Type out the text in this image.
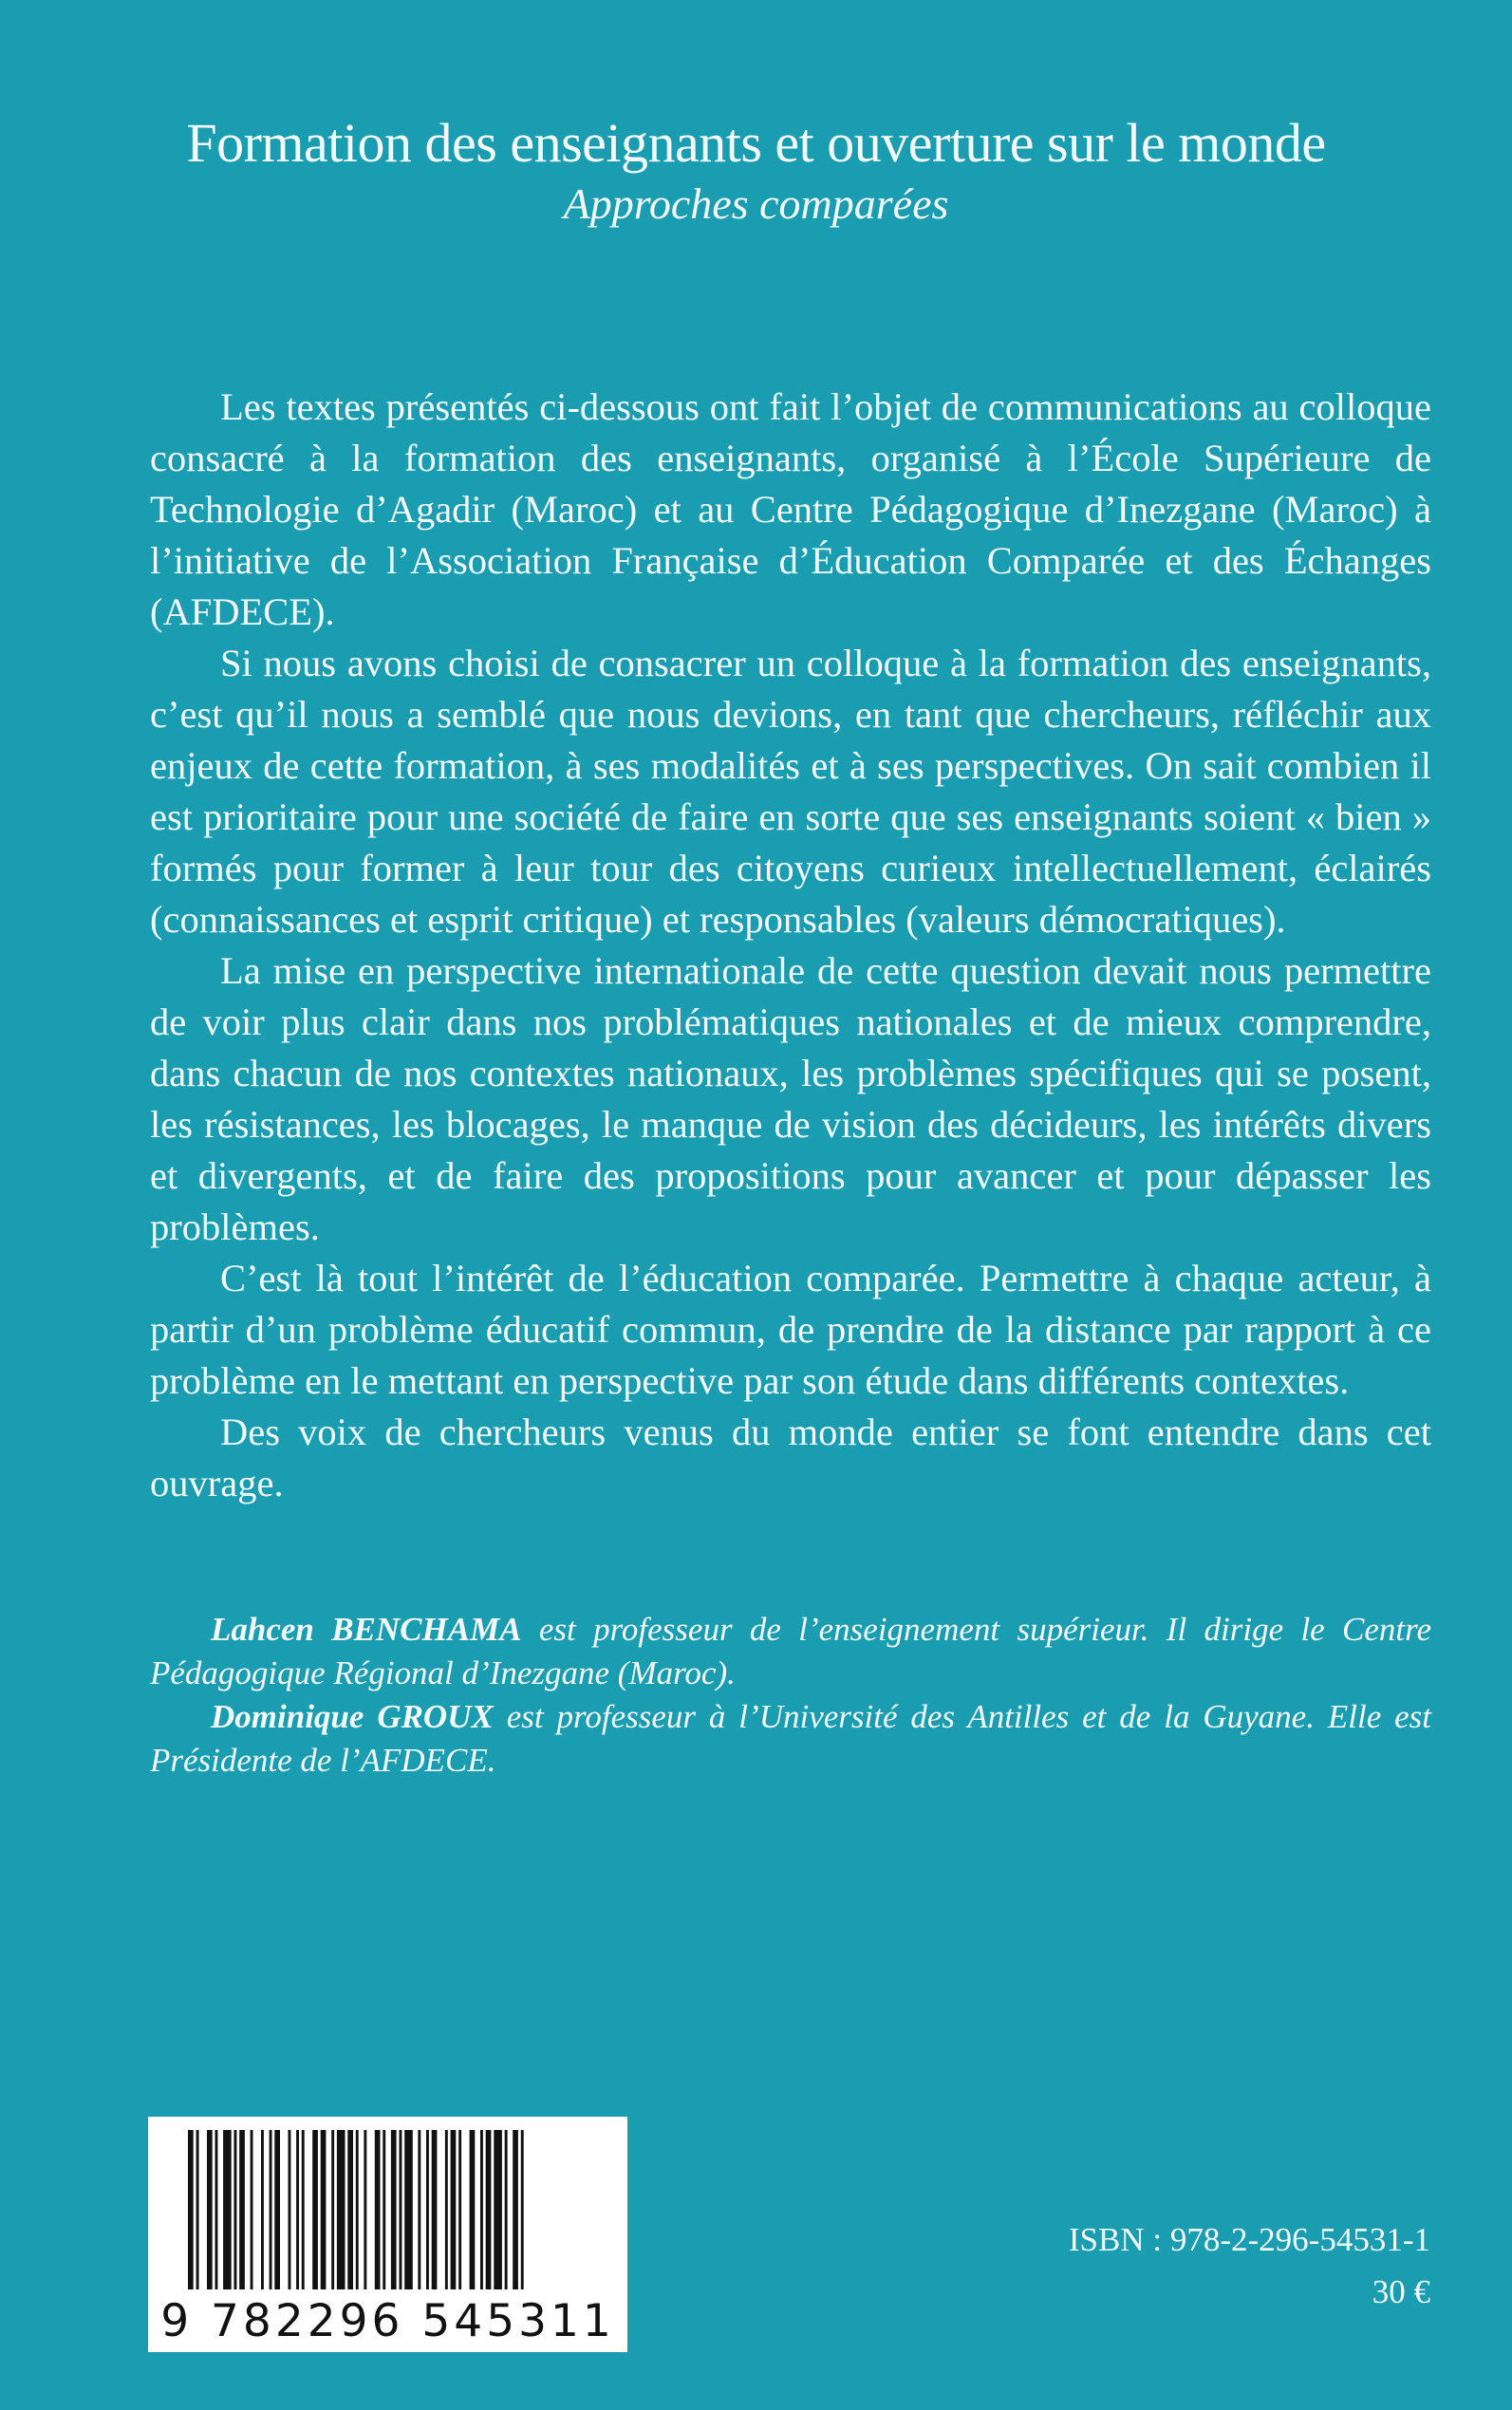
Formation des enseignants et ouverture sur le monde
Approches comparées

Les textes présentés ci-dessous ont fait l’objet de communications au colloque consacré à la formation des enseignants, organisé à l’École Supérieure de Technologie d’Agadir (Maroc) et au Centre Pédagogique d’Inezgane (Maroc) à l’initiative de l’Association Française d’Éducation Comparée et des Échanges (AFDECE).

Si nous avons choisi de consacrer un colloque à la formation des enseignants, c’est qu’il nous a semblé que nous devions, en tant que chercheurs, réfléchir aux enjeux de cette formation, à ses modalités et à ses perspectives. On sait combien il est prioritaire pour une société de faire en sorte que ses enseignants soient « bien » formés pour former à leur tour des citoyens curieux intellectuellement, éclairés (connaissances et esprit critique) et responsables (valeurs démocratiques).

La mise en perspective internationale de cette question devait nous permettre de voir plus clair dans nos problématiques nationales et de mieux comprendre, dans chacun de nos contextes nationaux, les problèmes spécifiques qui se posent, les résistances, les blocages, le manque de vision des décideurs, les intérêts divers et divergents, et de faire des propositions pour avancer et pour dépasser les problèmes.

C’est là tout l’intérêt de l’éducation comparée. Permettre à chaque acteur, à partir d’un problème éducatif commun, de prendre de la distance par rapport à ce problème en le mettant en perspective par son étude dans différents contextes.

Des voix de chercheurs venus du monde entier se font entendre dans cet ouvrage.

Lahcen BENCHAMA est professeur de l’enseignement supérieur. Il dirige le Centre Pédagogique Régional d’Inezgane (Maroc).

Dominique GROUX est professeur à l’Université des Antilles et de la Guyane. Elle est Présidente de l’AFDECE.

9 782296 545311
ISBN : 978-2-296-54531-1
30 €
